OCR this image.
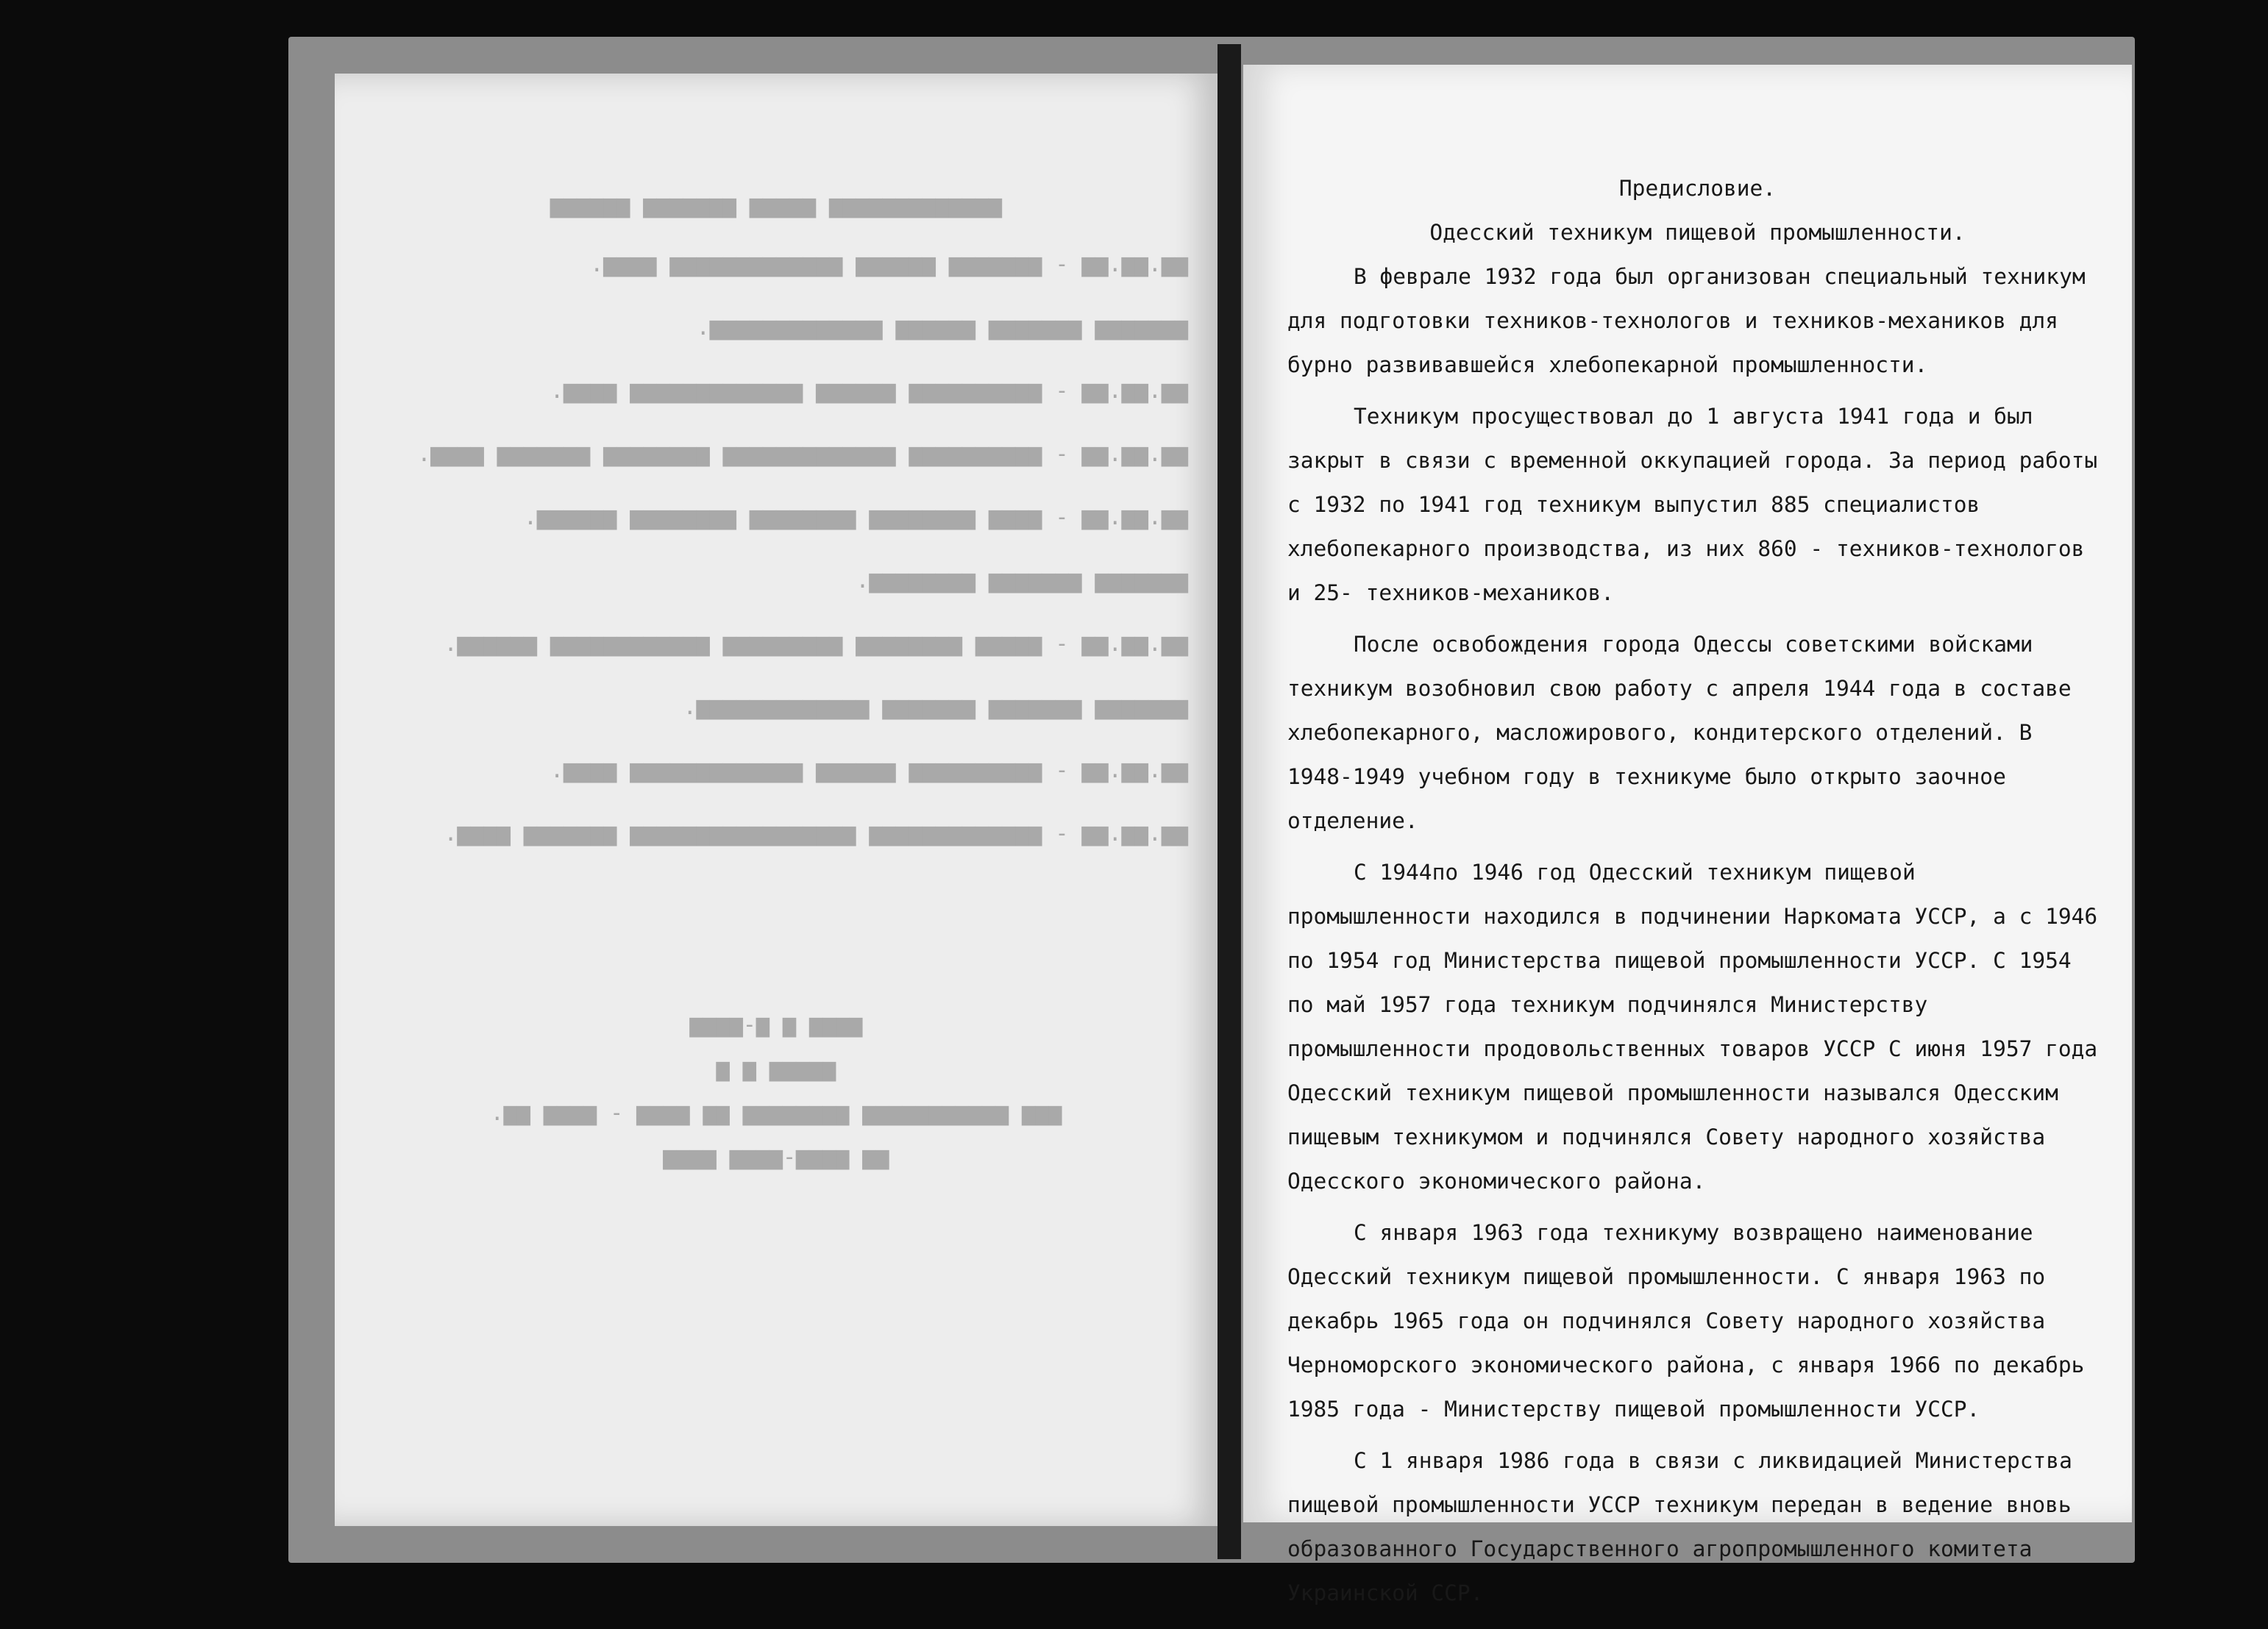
▆▆▆▆▆▆▆▆▆▆▆▆▆ ▆▆▆▆▆ ▆▆▆▆▆▆▆ ▆▆▆▆▆▆

▆▆.▆▆.▆▆ - ▆▆▆▆▆▆▆ ▆▆▆▆▆▆ ▆▆▆▆▆▆▆▆▆▆▆▆▆ ▆▆▆▆.

▆▆▆▆▆▆▆ ▆▆▆▆▆▆▆ ▆▆▆▆▆▆ ▆▆▆▆▆▆▆▆▆▆▆▆▆.

▆▆.▆▆.▆▆ - ▆▆▆▆▆▆▆▆▆▆ ▆▆▆▆▆▆ ▆▆▆▆▆▆▆▆▆▆▆▆▆ ▆▆▆▆.

▆▆.▆▆.▆▆ - ▆▆▆▆▆▆▆▆▆▆ ▆▆▆▆▆▆▆▆▆▆▆▆▆ ▆▆▆▆▆▆▆▆ ▆▆▆▆▆▆▆ ▆▆▆▆.

▆▆.▆▆.▆▆ - ▆▆▆▆ ▆▆▆▆▆▆▆▆ ▆▆▆▆▆▆▆▆ ▆▆▆▆▆▆▆▆ ▆▆▆▆▆▆.

▆▆▆▆▆▆▆ ▆▆▆▆▆▆▆ ▆▆▆▆▆▆▆▆.

▆▆.▆▆.▆▆ - ▆▆▆▆▆ ▆▆▆▆▆▆▆▆ ▆▆▆▆▆▆▆▆▆ ▆▆▆▆▆▆▆▆▆▆▆▆ ▆▆▆▆▆▆.

▆▆▆▆▆▆▆ ▆▆▆▆▆▆▆ ▆▆▆▆▆▆▆ ▆▆▆▆▆▆▆▆▆▆▆▆▆.

▆▆.▆▆.▆▆ - ▆▆▆▆▆▆▆▆▆▆ ▆▆▆▆▆▆ ▆▆▆▆▆▆▆▆▆▆▆▆▆ ▆▆▆▆.

▆▆.▆▆.▆▆ - ▆▆▆▆▆▆▆▆▆▆▆▆▆ ▆▆▆▆▆▆▆▆▆▆▆▆▆▆▆▆▆ ▆▆▆▆▆▆▆ ▆▆▆▆.

▆▆▆▆ ▆ ▆-▆▆▆▆
▆▆▆▆▆ ▆ ▆
▆▆▆ ▆▆▆▆▆▆▆▆▆▆▆ ▆▆▆▆▆▆▆▆ ▆▆ ▆▆▆▆ - ▆▆▆▆ ▆▆.
▆▆ ▆▆▆▆-▆▆▆▆ ▆▆▆▆
Предисловие.
Одесский техникум пищевой промышленности.

В феврале 1932 года был организован специальный техникум для подготовки техников-технологов и техников-механиков для бурно развивавшейся хлебопекарной промышленности.

Техникум просуществовал до 1 августа 1941 года и был закрыт в связи с временной оккупацией города. За период работы с 1932 по 1941 год техникум выпустил 885 специалистов хлебопекарного производства, из них 860 - техников-технологов и 25- техников-механиков.

После освобождения города Одессы советскими войсками техникум возобновил свою работу с апреля 1944 года в составе хлебопекарного, масложирового, кондитерского отделений. В 1948-1949 учебном году в техникуме было открыто заочное отделение.

С 1944по 1946 год Одесский техникум пищевой промышленности находился в подчинении Наркомата УССР, а с 1946 по 1954 год Министерства пищевой промышленности УССР. С 1954 по май 1957 года техникум подчинялся Министерству промышленности продовольственных товаров УССР С июня 1957 года Одесский техникум пищевой промышленности назывался Одесским пищевым техникумом и подчинялся Совету народного хозяйства Одесского экономического района.

С января 1963 года техникуму возвращено наименование Одесский техникум пищевой промышленности. С января 1963 по декабрь 1965 года он подчинялся Совету народного хозяйства Черноморского экономического района, с января 1966 по декабрь 1985 года - Министерству пищевой промышленности УССР.

С 1 января 1986 года в связи с ликвидацией Министерства пищевой промышленности УССР техникум передан в ведение вновь образованного Государственного агропромышленного комитета Украинской ССР.
